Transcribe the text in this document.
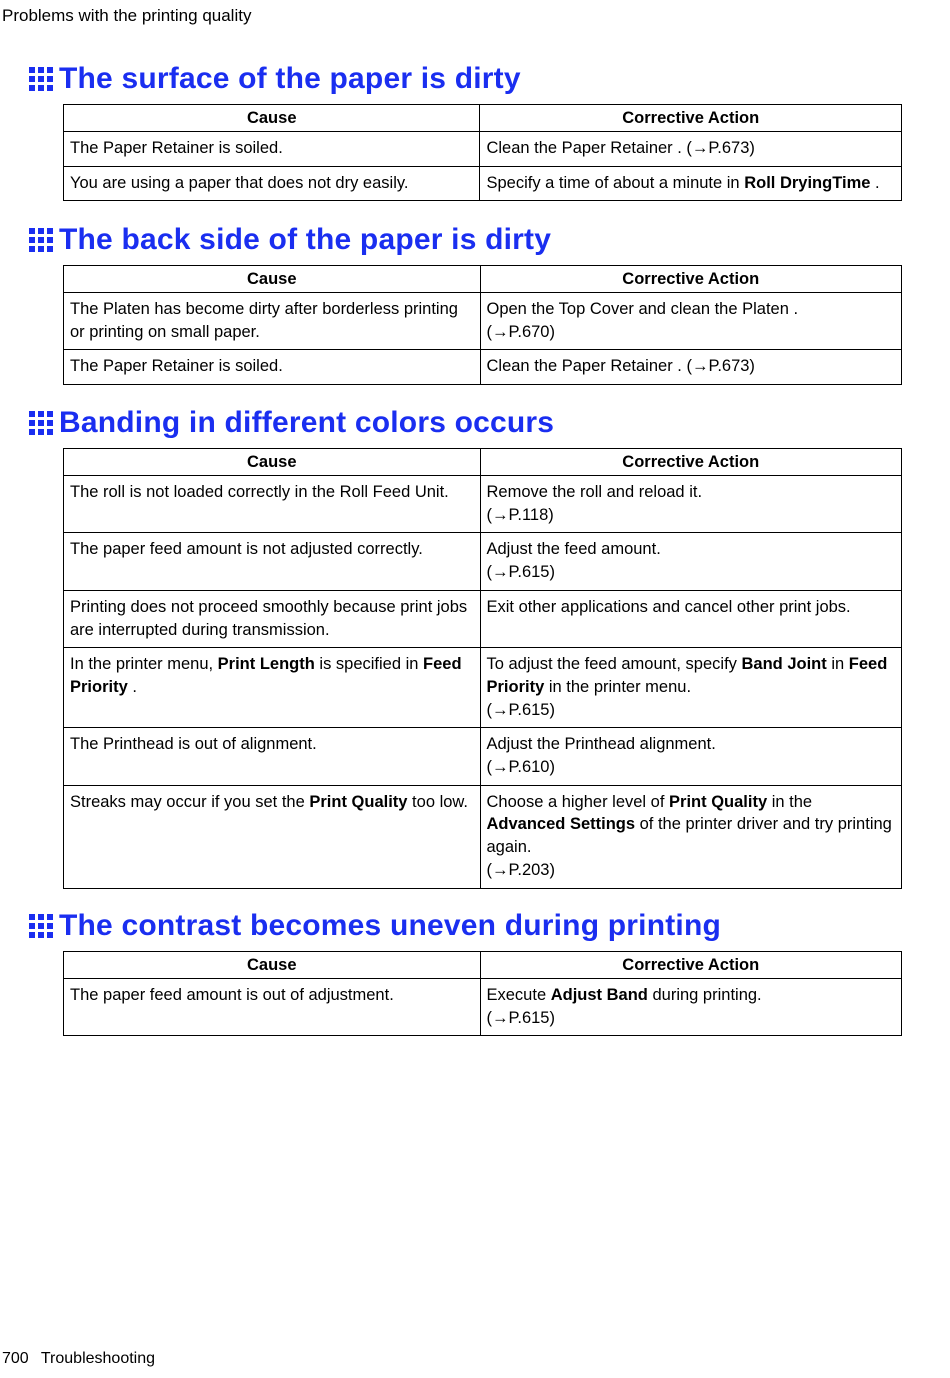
Problems with the printing quality
The surface of the paper is dirty
Cause	Corrective Action
The Paper Retainer is soiled.	Clean the Paper Retainer . (→P.673)
You are using a paper that does not dry easily.	Specify a time of about a minute in Roll DryingTime .
The back side of the paper is dirty
Cause	Corrective Action
The Platen has become dirty after borderless printing or printing on small paper.	Open the Top Cover and clean the Platen .
(→P.670)
The Paper Retainer is soiled.	Clean the Paper Retainer . (→P.673)
Banding in different colors occurs
Cause	Corrective Action
The roll is not loaded correctly in the Roll Feed Unit.	Remove the roll and reload it.
(→P.118)
The paper feed amount is not adjusted correctly.	Adjust the feed amount.
(→P.615)
Printing does not proceed smoothly because print jobs are interrupted during transmission.	Exit other applications and cancel other print jobs.
In the printer menu, Print Length is specified in Feed Priority .	To adjust the feed amount, specify Band Joint in Feed Priority in the printer menu.
(→P.615)
The Printhead is out of alignment.	Adjust the Printhead alignment.
(→P.610)
Streaks may occur if you set the Print Quality too low.	Choose a higher level of Print Quality in the Advanced Settings of the printer driver and try printing again.
(→P.203)
The contrast becomes uneven during printing
Cause	Corrective Action
The paper feed amount is out of adjustment.	Execute Adjust Band during printing.
(→P.615)
700 Troubleshooting
